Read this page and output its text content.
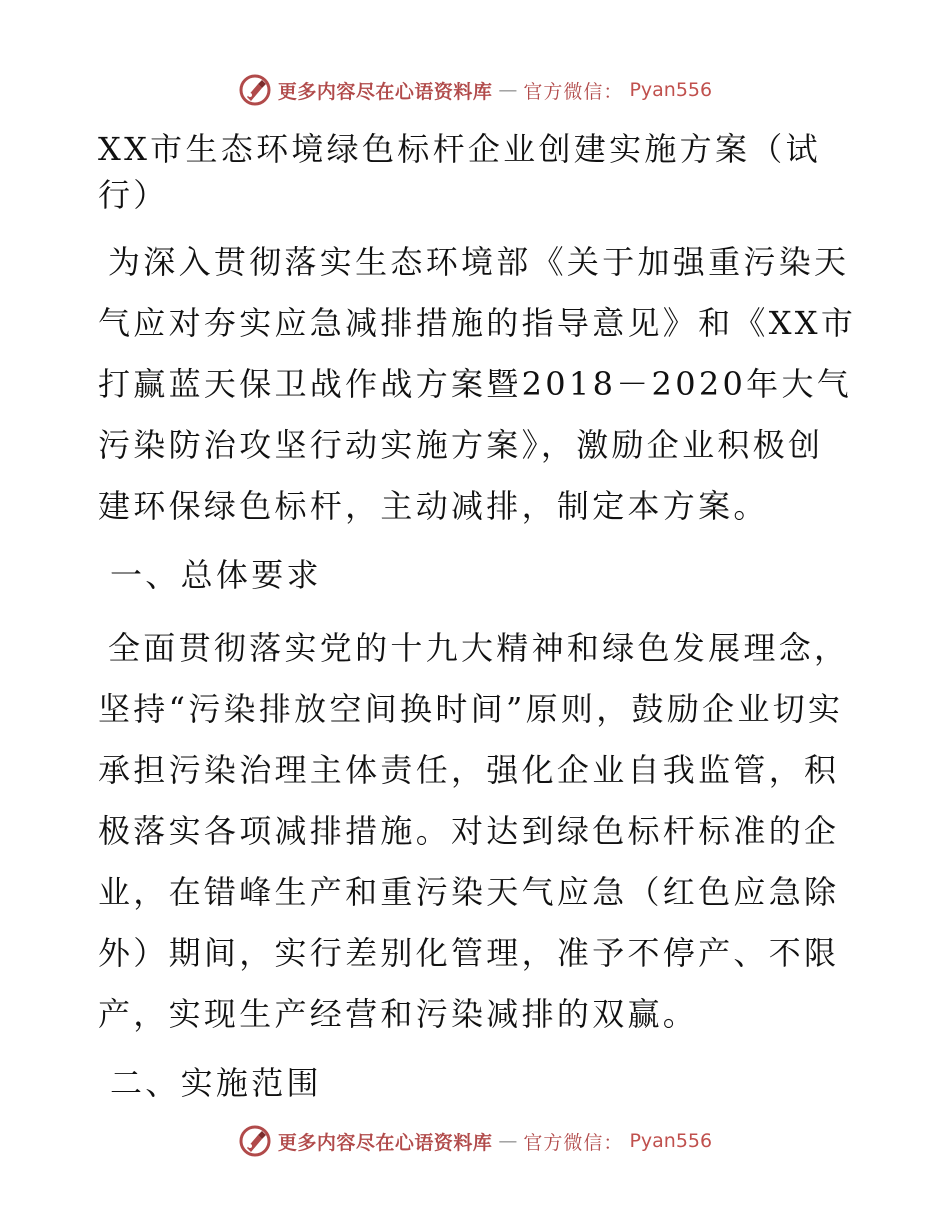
更多内容尽在心语资料库 — 官方微信： Pyan556

XX市生态环境绿色标杆企业创建实施方案（试行）

为深入贯彻落实生态环境部《关于加强重污染天气应对夯实应急减排措施的指导意见》和《XX市打赢蓝天保卫战作战方案暨2018－2020年大气污染防治攻坚行动实施方案》，激励企业积极创建环保绿色标杆，主动减排，制定本方案。

一、总体要求

全面贯彻落实党的十九大精神和绿色发展理念，坚持“污染排放空间换时间”原则，鼓励企业切实承担污染治理主体责任，强化企业自我监管，积极落实各项减排措施。对达到绿色标杆标准的企业，在错峰生产和重污染天气应急（红色应急除外）期间，实行差别化管理，准予不停产、不限产，实现生产经营和污染减排的双赢。

二、实施范围

更多内容尽在心语资料库 — 官方微信： Pyan556
